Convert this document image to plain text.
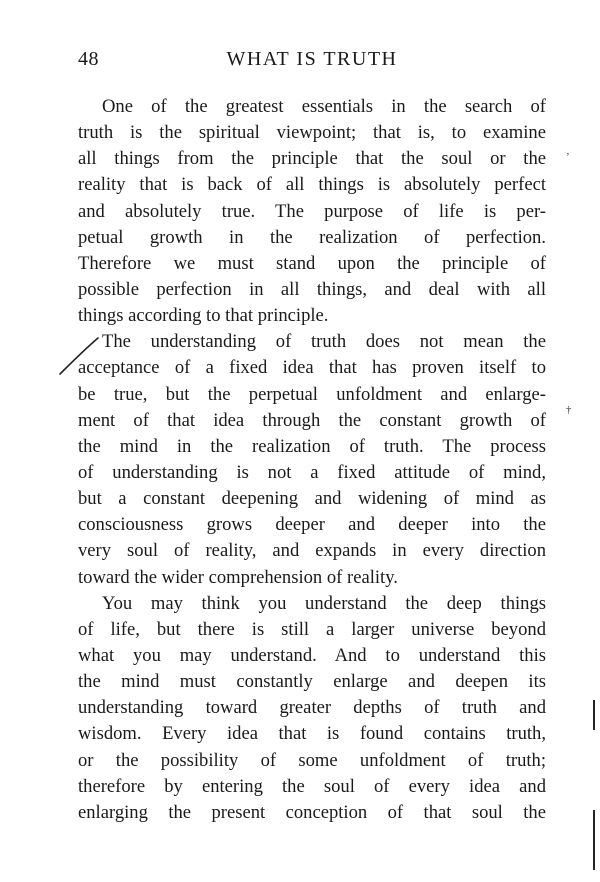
48	WHAT IS TRUTH
ʼ
†
One of the greatest essentials in the search of
truth is the spiritual viewpoint; that is, to examine
all things from the principle that the soul or the
reality that is back of all things is absolutely perfect
and absolutely true. The purpose of life is per-
petual growth in the realization of perfection.
Therefore we must stand upon the principle of
possible perfection in all things, and deal with all
things according to that principle.
The understanding of truth does not mean the
acceptance of a fixed idea that has proven itself to
be true, but the perpetual unfoldment and enlarge-
ment of that idea through the constant growth of
the mind in the realization of truth. The process
of understanding is not a fixed attitude of mind,
but a constant deepening and widening of mind as
consciousness grows deeper and deeper into the
very soul of reality, and expands in every direction
toward the wider comprehension of reality.
You may think you understand the deep things
of life, but there is still a larger universe beyond
what you may understand. And to understand this
the mind must constantly enlarge and deepen its
understanding toward greater depths of truth and
wisdom. Every idea that is found contains truth,
or the possibility of some unfoldment of truth;
therefore by entering the soul of every idea and
enlarging the present conception of that soul the
